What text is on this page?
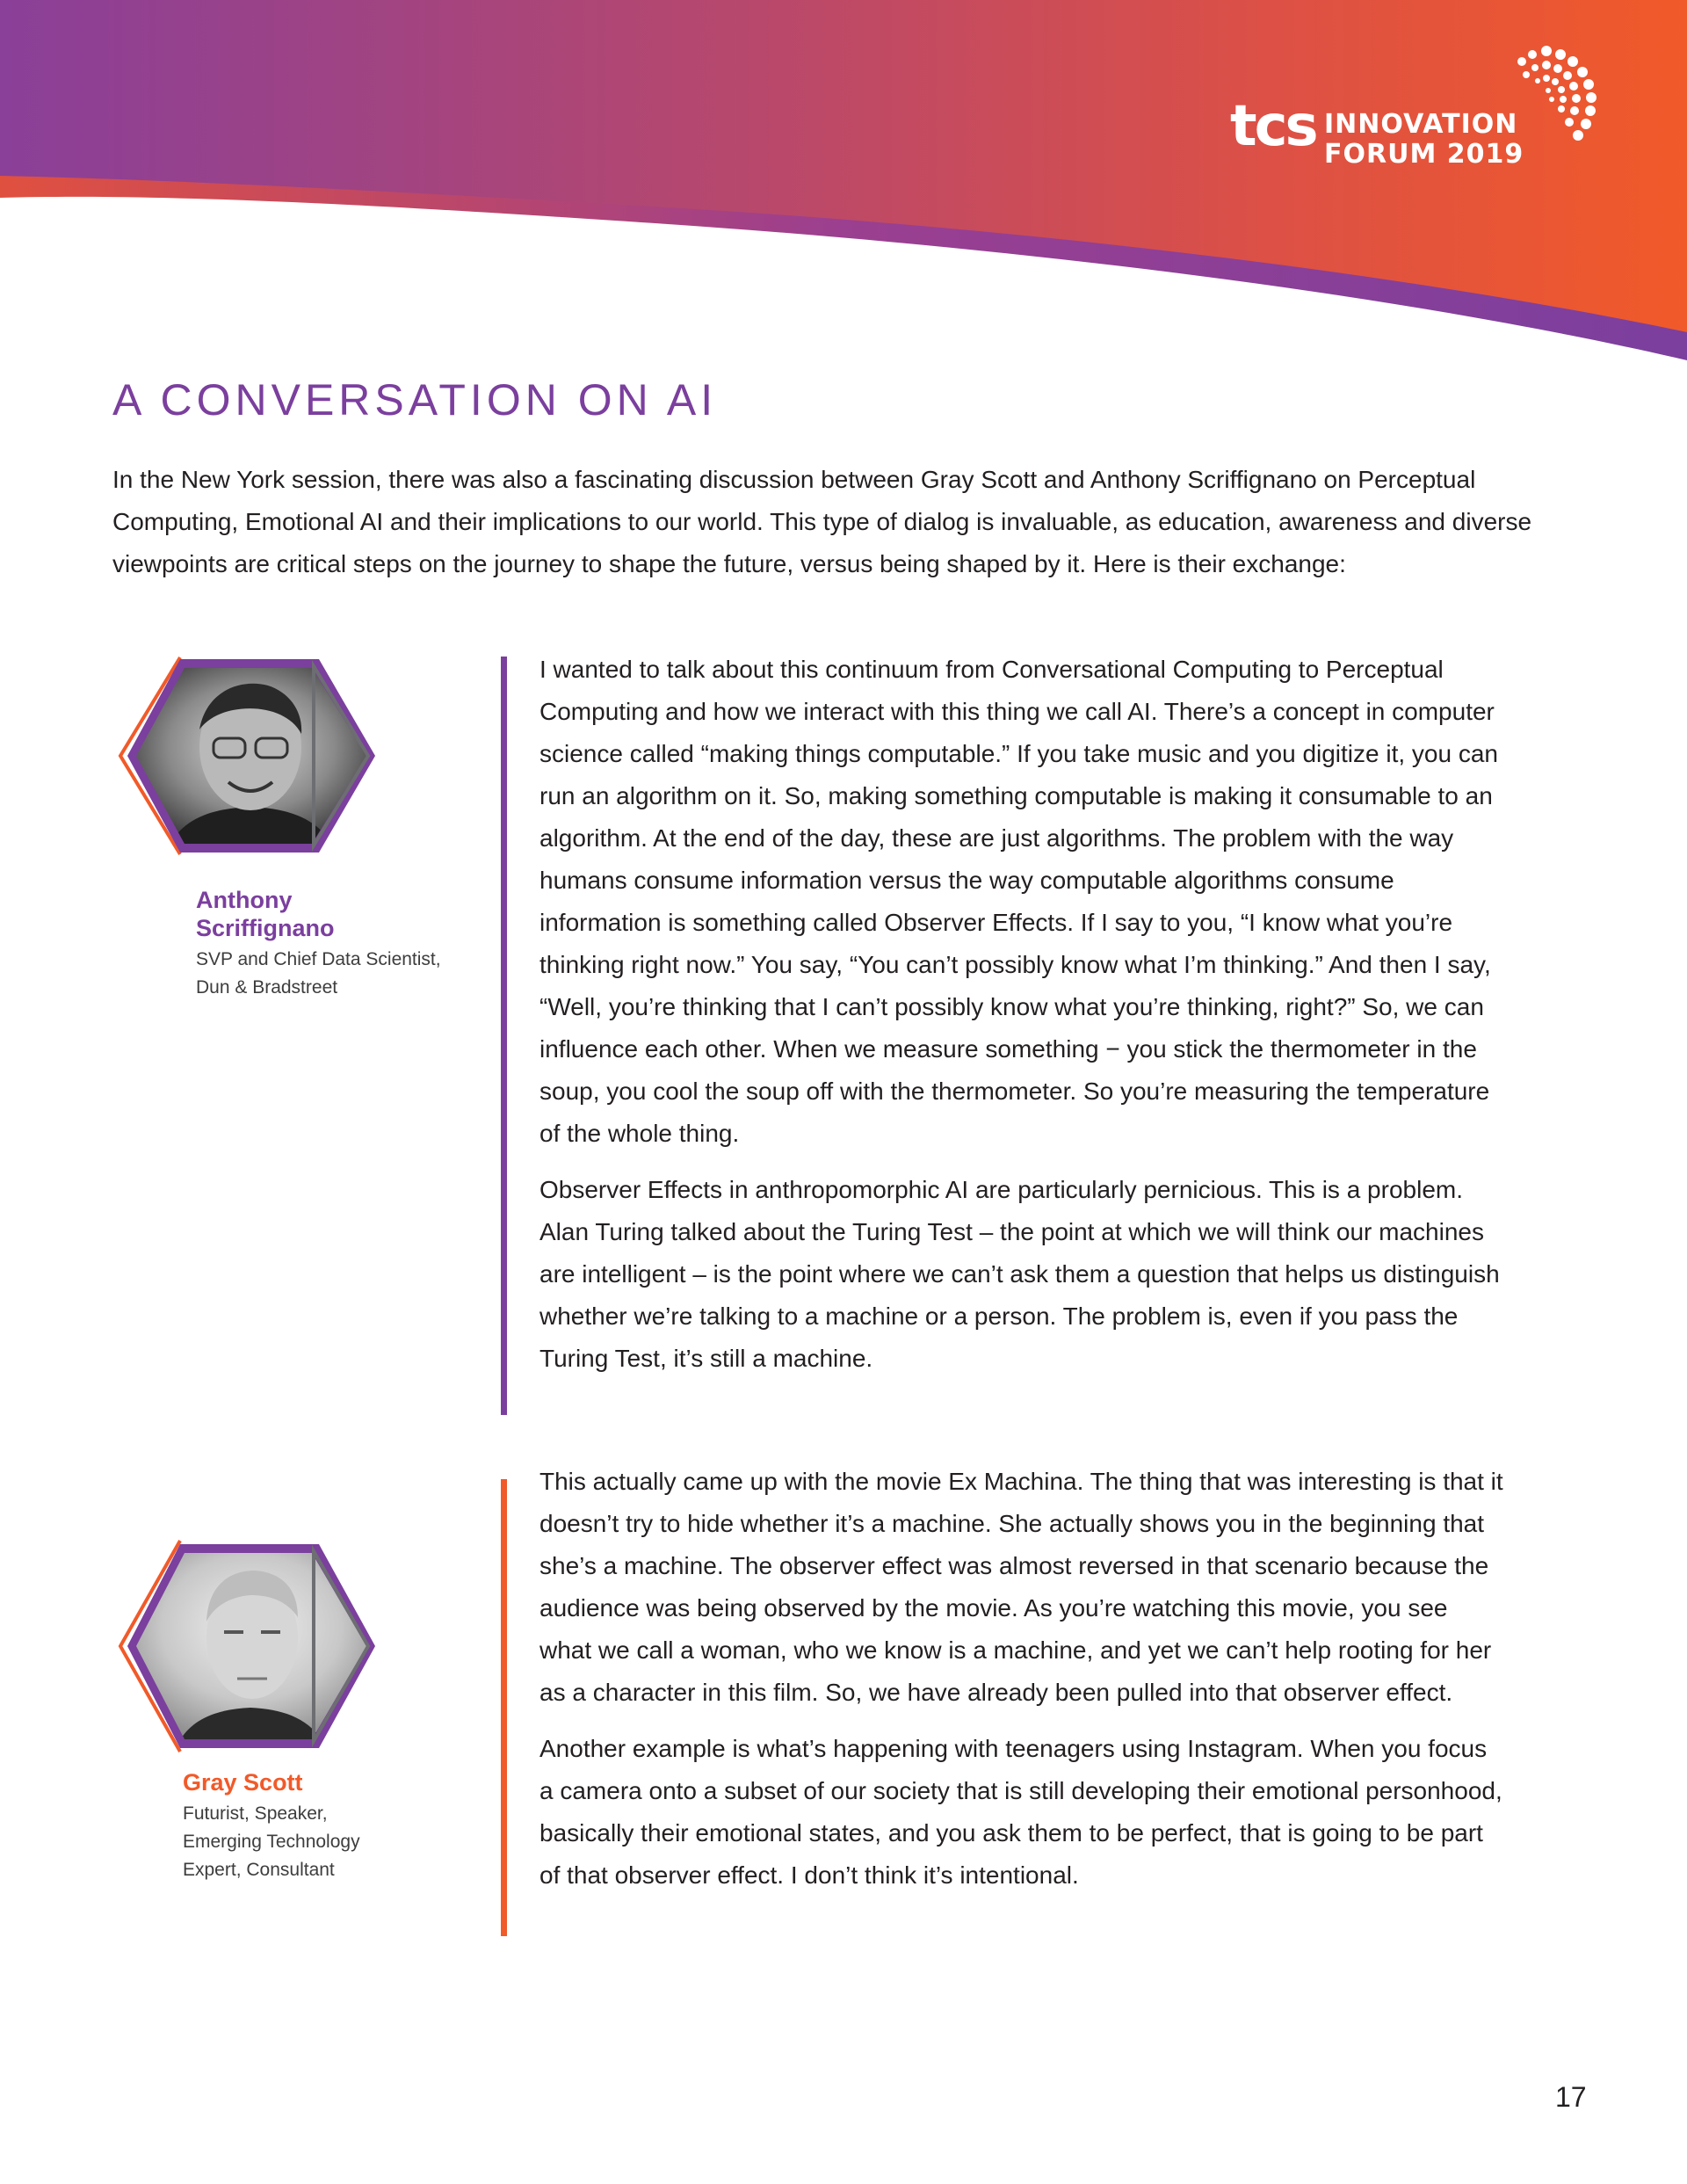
tcs INNOVATION
FORUM 2019
A CONVERSATION ON AI

In the New York session, there was also a fascinating discussion between Gray Scott and Anthony Scriffignano on Perceptual Computing, Emotional AI and their implications to our world. This type of dialog is invaluable, as education, awareness and diverse viewpoints are critical steps on the journey to shape the future, versus being shaped by it. Here is their exchange:

Anthony
Scriffignano
SVP and Chief Data Scientist,
Dun & Bradstreet

I wanted to talk about this continuum from Conversational Computing to Perceptual Computing and how we interact with this thing we call AI. There’s a concept in computer science called “making things computable.” If you take music and you digitize it, you can run an algorithm on it. So, making something computable is making it consumable to an algorithm. At the end of the day, these are just algorithms. The problem with the way humans consume information versus the way computable algorithms consume information is something called Observer Effects. If I say to you, “I know what you’re thinking right now.” You say, “You can’t possibly know what I’m thinking.” And then I say, “Well, you’re thinking that I can’t possibly know what you’re thinking, right?” So, we can influence each other. When we measure something − you stick the thermometer in the soup, you cool the soup off with the thermometer. So you’re measuring the temperature of the whole thing.

Observer Effects in anthropomorphic AI are particularly pernicious. This is a problem. Alan Turing talked about the Turing Test – the point at which we will think our machines are intelligent – is the point where we can’t ask them a question that helps us distinguish whether we’re talking to a machine or a person. The problem is, even if you pass the Turing Test, it’s still a machine.

Gray Scott
Futurist, Speaker,
Emerging Technology
Expert, Consultant

This actually came up with the movie Ex Machina. The thing that was interesting is that it doesn’t try to hide whether it’s a machine. She actually shows you in the beginning that she’s a machine. The observer effect was almost reversed in that scenario because the audience was being observed by the movie. As you’re watching this movie, you see what we call a woman, who we know is a machine, and yet we can’t help rooting for her as a character in this film. So, we have already been pulled into that observer effect.

Another example is what’s happening with teenagers using Instagram. When you focus a camera onto a subset of our society that is still developing their emotional personhood, basically their emotional states, and you ask them to be perfect, that is going to be part of that observer effect. I don’t think it’s intentional.

17
